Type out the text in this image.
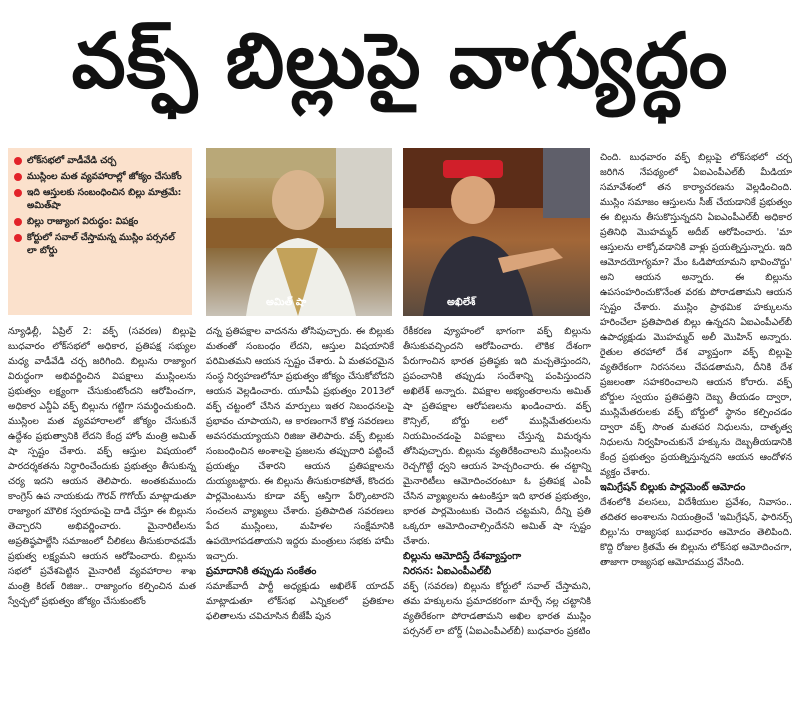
వక్ఫ్ బిల్లుపై వాగ్యుద్ధం
లోక్‌సభలో వాడీవేడి చర్చ
ముస్లింల మత వ్యవహారాల్లో జోక్యం చేసుకోం
ఇది ఆస్తులకు సంబంధించిన బిల్లు మాత్రమే: అమిత్‌షా
బిల్లు రాజ్యాంగ విరుద్ధం: విపక్షం
కోర్టులో సవాల్ చేస్తామన్న ముస్లిం పర్సనల్ లా బోర్డు
అమిత్ షా	అఖిలేశ్

న్యూఢిల్లీ, ఏప్రిల్ 2: వక్ఫ్ (సవరణ) బిల్లుపై బుధవారం లోక్‌సభలో అధికార, ప్రతిపక్ష సభ్యుల మధ్య వాడీవేడి చర్చ జరిగింది. బిల్లును రాజ్యాంగ విరుద్ధంగా అభివర్ణించిన విపక్షాలు ముస్లింలను ప్రభుత్వం లక్ష్యంగా చేసుకుంటోందని ఆరోపించగా, అధికార ఎన్డీఏ వక్ఫ్ బిల్లును గట్టిగా సమర్థించుకుంది. ముస్లింల మత వ్యవహారాలలో జోక్యం చేసుకునే ఉద్దేశం ప్రభుత్వానికి లేదని కేంద్ర హోం మంత్రి అమిత్ షా స్పష్టం చేశారు. వక్ఫ్ ఆస్తుల విషయంలో పారదర్శకతను నిర్ధారించేందుకు ప్రభుత్వం తీసుకున్న చర్య ఇదని ఆయన తెలిపారు. అంతకుముందు కాంగ్రెస్ ఉప నాయకుడు గౌరవ్ గొగోయ్ మాట్లాడుతూ రాజ్యాంగ మౌలిక స్వరూపంపై దాడి చేస్తూ ఈ బిల్లును తెచ్చారని అభివర్ణించారు. మైనారిటీలను అప్రతిష్ఠపాల్జేసి సమాజంలో చీలికలు తీసుకురావడమే ప్రభుత్వ లక్ష్యమని ఆయన ఆరోపించారు. బిల్లును సభలో ప్రవేశపెట్టిన మైనారిటీ వ్యవహారాల శాఖ మంత్రి కిరణ్ రిజిజు.. రాజ్యాంగం కల్పించిన మత స్వేచ్ఛలో ప్రభుత్వం జోక్యం చేసుకుంటోం

దన్న ప్రతిపక్షాల వాదనను తోసిపుచ్చారు. ఈ బిల్లుకు మతంతో సంబంధం లేదని, ఆస్తుల విషయానికే పరిమితమని ఆయన స్పష్టం చేశారు. ఏ మతపరమైన సంస్థ నిర్వహణలోనూ ప్రభుత్వం జోక్యం చేసుకోబోదని ఆయన వెల్లడించారు. యూపీఏ ప్రభుత్వం 2013లో వక్ఫ్ చట్టంలో చేసిన మార్పులు ఇతర నిబంధనలపై ప్రభావం చూపాయని, ఆ కారణంగానే కొత్త సవరణలు అవసరమయ్యాయని రిజిజు తెలిపారు. వక్ఫ్ బిల్లుకు సంబంధించిన అంశాలపై ప్రజలను తప్పుదారి పట్టించే ప్రయత్నం చేశారని ఆయన ప్రతిపక్షాలను దుయ్యబట్టారు. ఈ బిల్లును తీసుకురాకపోతే, కొందరు పార్లమెంటును కూడా వక్ఫ్ ఆస్తిగా పేర్కొంటారని సంచలన వ్యాఖ్యలు చేశారు. ప్రతిపాదిత సవరణలు పేద ముస్లింలు, మహిళల సంక్షేమానికి ఉపయోగపడతాయని ఇద్దరు మంత్రులు సభకు హామీ ఇచ్చారు.

ప్రమాదానికి తప్పుడు సంకేతం

సమాజ్‌వాదీ పార్టీ అధ్యక్షుడు అఖిలేశ్ యాదవ్ మాట్లాడుతూ లోక్‌సభ ఎన్నికలలో ప్రతికూల ఫలితాలను చవిచూసిన బీజేపీ పున

రేకీకరణ వ్యూహంలో భాగంగా వక్ఫ్ బిల్లును తీసుకువచ్చిందని ఆరోపించారు. లౌకిక దేశంగా పేరుగాంచిన భారత ప్రతిష్ఠకు ఇది మచ్చతెస్తుందని, ప్రపంచానికి తప్పుడు సందేశాన్ని పంపిస్తుందని అఖిలేశ్ అన్నారు. విపక్షాల అభ్యంతరాలను అమిత్ షా ప్రతిపక్షాల ఆరోపణలను ఖండించారు. వక్ఫ్ కౌన్సిల్, బోర్డు లలో ముస్లిమేతరులను నియమించడంపై విపక్షాలు చేస్తున్న విమర్శను తోసిపుచ్చారు. బిల్లును వ్యతిరేకించాలని ముస్లింలను రెచ్చగొట్టే ధ్వని ఆయన హెచ్చరించారు. ఈ చట్టాన్ని మైనారిటీలు ఆమోదించరంటూ ఓ ప్రతిపక్ష ఎంపీ చేసిన వ్యాఖ్యలను ఉటంకిస్తూ ఇది భారత ప్రభుత్వం, భారత పార్లమెంటుకు చెందిన చట్టమని, దీన్ని ప్రతి ఒక్కరూ ఆమోదించాల్సిందేనని అమిత్ షా స్పష్టం చేశారు.

బిల్లును ఆమోదిస్తే దేశవ్యాప్తంగా
నిరసన: ఏఐఎంపీఎల్‌బీ

వక్ఫ్ (సవరణ) బిల్లును కోర్టులో సవాల్ చేస్తామని, తమ హక్కులను ప్రమాదకరంగా మార్చే నల్ల చట్టానికి వ్యతిరేకంగా పోరాడతామని అఖిల భారత ముస్లిం పర్సనల్ లా బోర్డ్ (ఏఐఎంపీఎల్‌బీ) బుధవారం ప్రకటిం

చింది. బుధవారం వక్ఫ్ బిల్లుపై లోక్‌సభలో చర్చ జరిగిన నేపథ్యంలో ఏఐఎంపీఎల్‌బీ మీడియా సమావేశంలో తన కార్యాచరణను వెల్లడించింది. ముస్లిం సమాజం ఆస్తులను సీజ్ చేయడానికే ప్రభుత్వం ఈ బిల్లును తీసుకొస్తున్నదని ఏఐఎంపీఎల్‌బీ అధికార ప్రతినిధి మొహమ్మద్ అదీబ్ ఆరోపించారు. 'మా ఆస్తులను లాక్కోవడానికి వాళ్లు ప్రయత్నిస్తున్నారు. ఇది ఆమోదయోగ్యమా? మేం ఓడిపోయామని భావించొద్దు' అని ఆయన అన్నారు. ఈ బిల్లును ఉపసంహరించుకొనేంత వరకు పోరాడతామని ఆయన స్పష్టం చేశారు. ముస్లిం ప్రాథమిక హక్కులను హరించేలా ప్రతిపాదిత బిల్లు ఉన్నదని ఏఐఎంపీఎల్‌బీ ఉపాధ్యక్షుడు మొహమ్మద్ అలీ మొహిన్ అన్నారు. రైతుల తరహాలో దేశ వ్యాప్తంగా వక్ఫ్ బిల్లుపై వ్యతిరేకంగా నిరసనలు చేపడతామని, దీనికి దేశ ప్రజలంతా సహకరించాలని ఆయన కోరారు. వక్ఫ్ బోర్డుల స్వయం ప్రతిపత్తిని దెబ్బ తీయడం ద్వారా, ముస్లిమేతరులకు వక్ఫ్ బోర్డులో స్థానం కల్పించడం ద్వారా వక్ఫ్ సొంత మతపర నిధులను, దాతృత్వ నిధులను నిర్వహించుకునే హక్కును దెబ్బతీయడానికి కేంద్ర ప్రభుత్వం ప్రయత్నిస్తున్నదని ఆయన ఆందోళన వ్యక్తం చేశారు.

ఇమిగ్రేషన్ బిల్లుకు పార్లమెంట్ ఆమోదం

దేశంలోకి వలసలు, విదేశీయుల ప్రవేశం, నివాసం.. తదితర అంశాలను నియంత్రించే 'ఇమిగ్రేషన్, ఫారినర్స్ బిల్లు'ను రాజ్యసభ బుధవారం ఆమోదం తెలిపింది. కొద్ది రోజుల క్రితమే ఈ బిల్లును లోక్‌సభ ఆమోదించగా, తాజాగా రాజ్యసభ ఆమోదముద్ర వేసింది.
